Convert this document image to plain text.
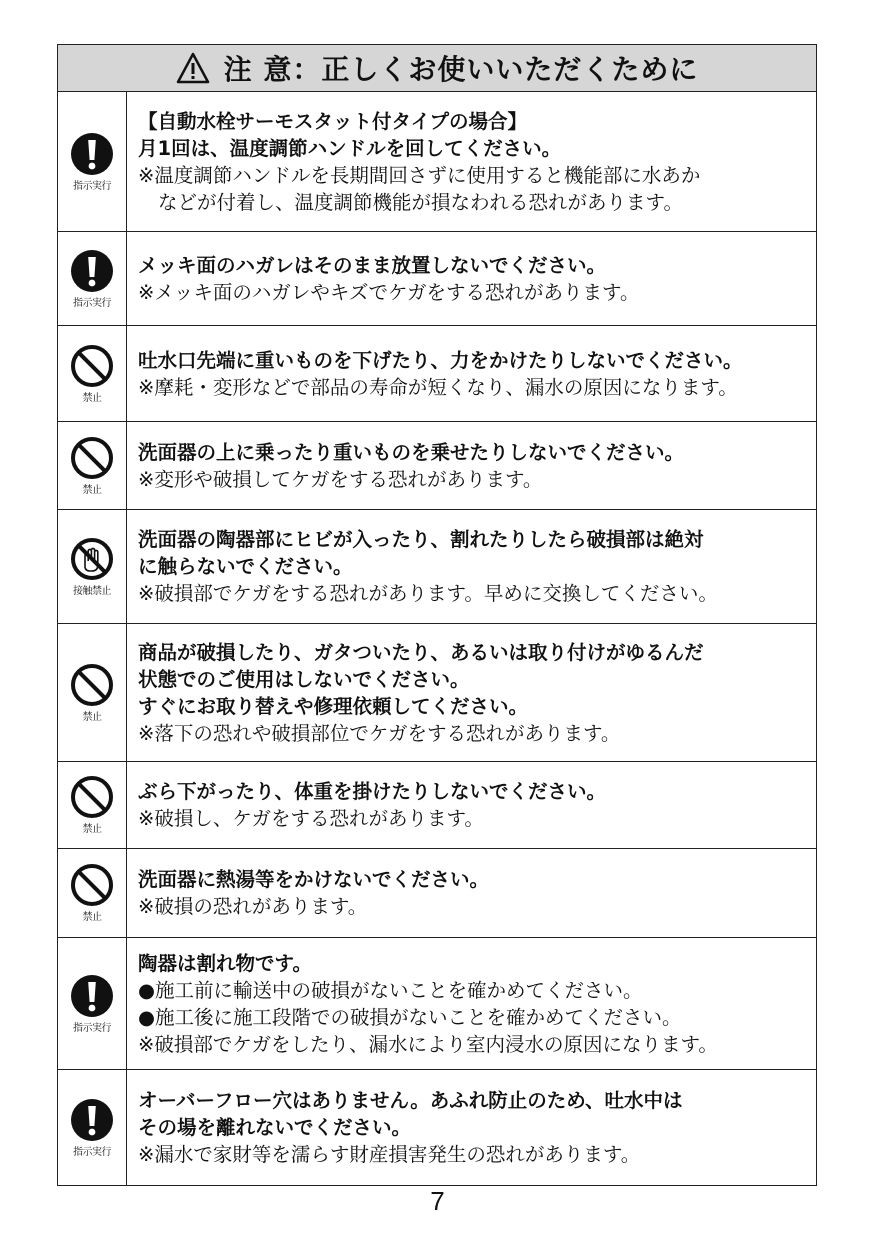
注 意：正しくお使いいただくために
指示実行
【自動水栓サーモスタット付タイプの場合】
月1回は、温度調節ハンドルを回してください。
※温度調節ハンドルを長期間回さずに使用すると機能部に水あか
などが付着し、温度調節機能が損なわれる恐れがあります。
指示実行
メッキ面のハガレはそのまま放置しないでください。
※メッキ面のハガレやキズでケガをする恐れがあります。
禁止
吐水口先端に重いものを下げたり、力をかけたりしないでください。
※摩耗・変形などで部品の寿命が短くなり、漏水の原因になります。
禁止
洗面器の上に乗ったり重いものを乗せたりしないでください。
※変形や破損してケガをする恐れがあります。
接触禁止
洗面器の陶器部にヒビが入ったり、割れたりしたら破損部は絶対
に触らないでください。
※破損部でケガをする恐れがあります。早めに交換してください。
禁止
商品が破損したり、ガタついたり、あるいは取り付けがゆるんだ
状態でのご使用はしないでください。
すぐにお取り替えや修理依頼してください。
※落下の恐れや破損部位でケガをする恐れがあります。
禁止
ぶら下がったり、体重を掛けたりしないでください。
※破損し、ケガをする恐れがあります。
禁止
洗面器に熱湯等をかけないでください。
※破損の恐れがあります。
指示実行
陶器は割れ物です。
●施工前に輸送中の破損がないことを確かめてください。
●施工後に施工段階での破損がないことを確かめてください。
※破損部でケガをしたり、漏水により室内浸水の原因になります。
指示実行
オーバーフロー穴はありません。あふれ防止のため、吐水中は
その場を離れないでください。
※漏水で家財等を濡らす財産損害発生の恐れがあります。
7
